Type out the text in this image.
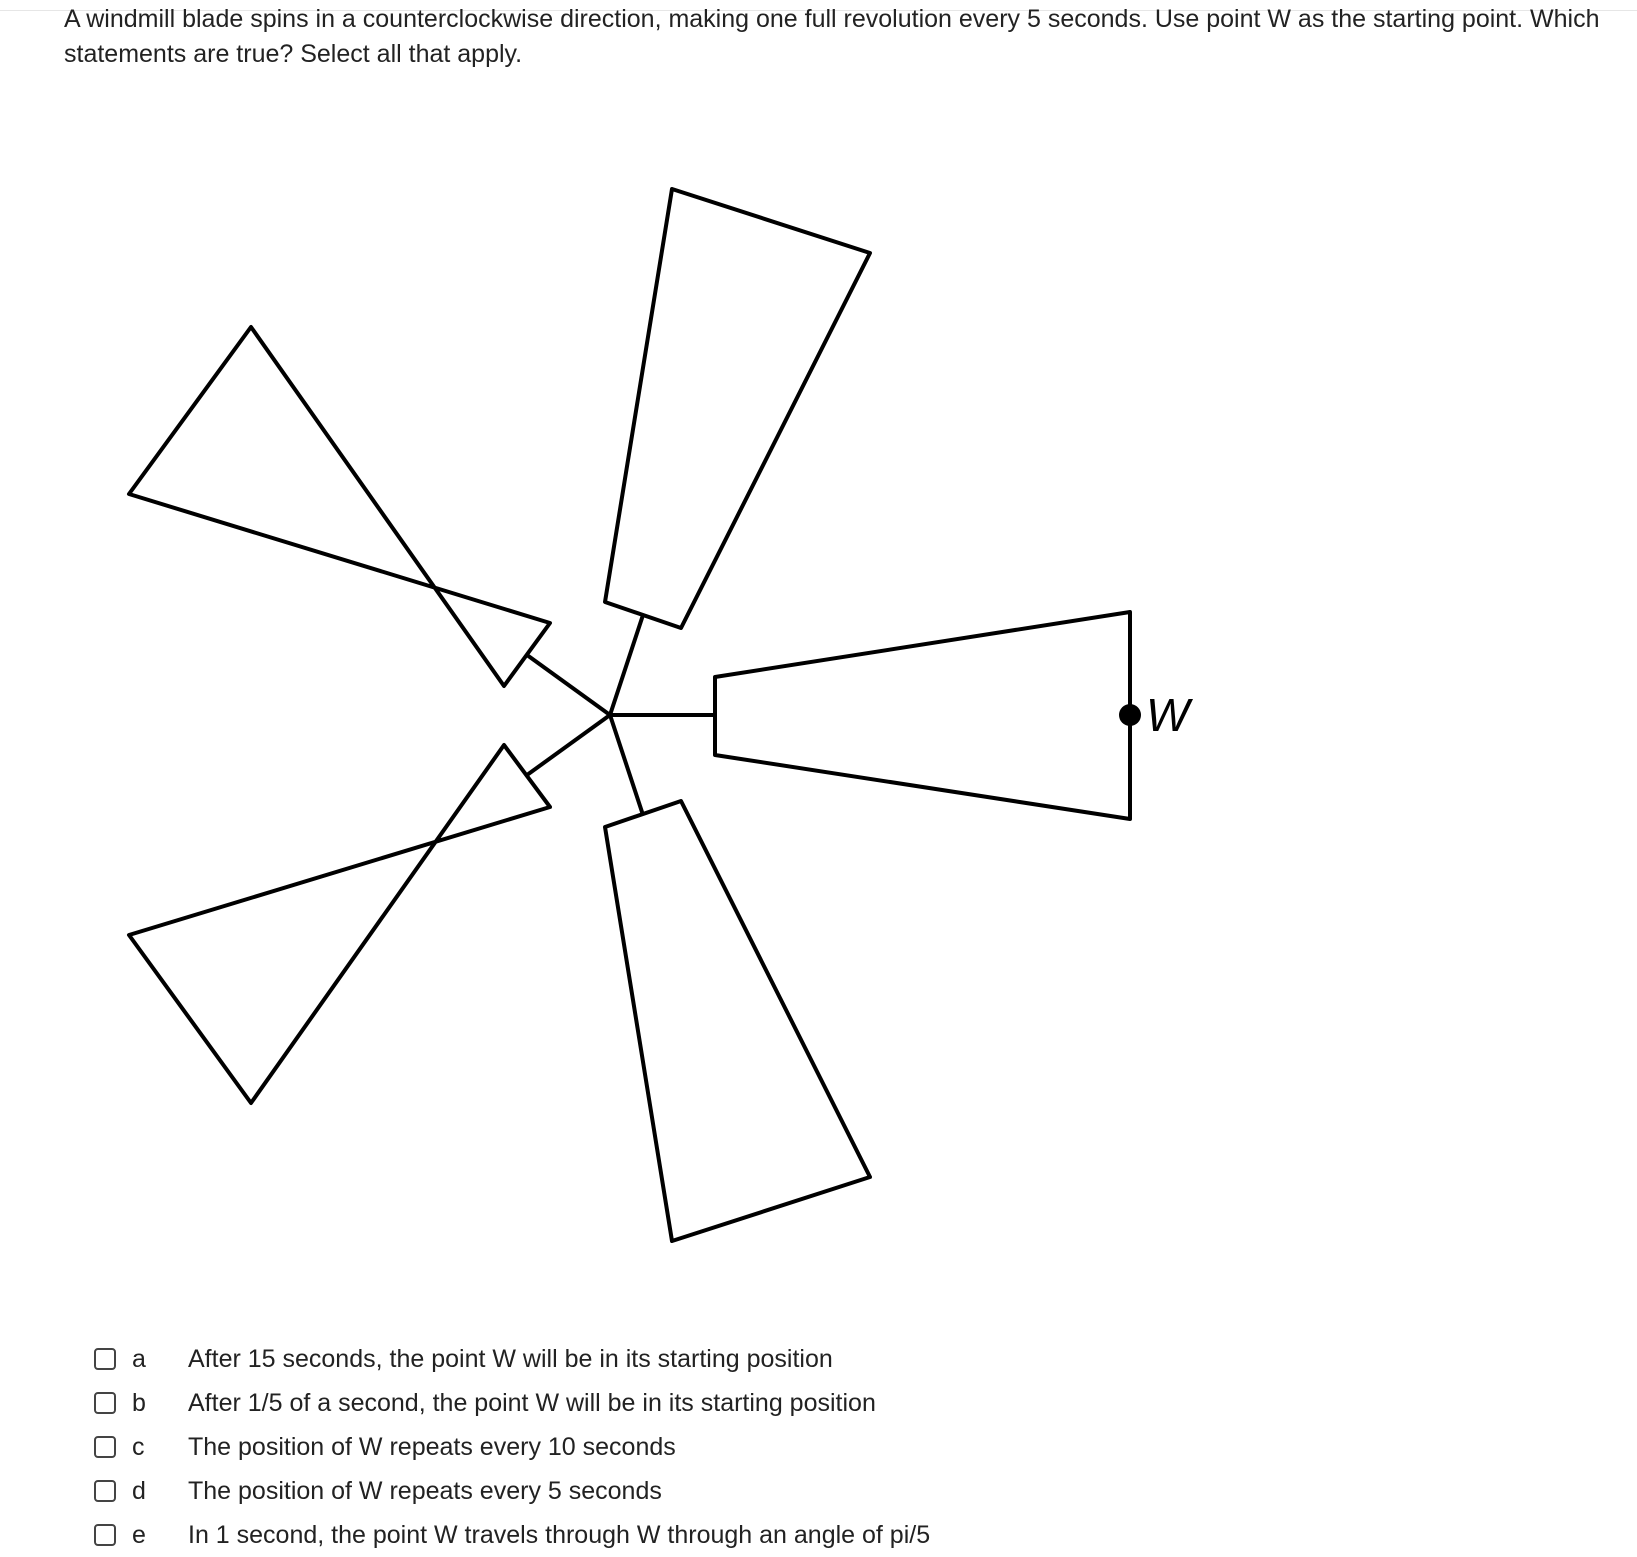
A windmill blade spins in a counterclockwise direction, making one full revolution every 5 seconds. Use point W as the starting point. Which statements are true? Select all that apply.

W
a	After 15 seconds, the point W will be in its starting position
b	After 1/5 of a second, the point W will be in its starting position
c	The position of W repeats every 10 seconds
d	The position of W repeats every 5 seconds
e	In 1 second, the point W travels through W through an angle of pi/5
